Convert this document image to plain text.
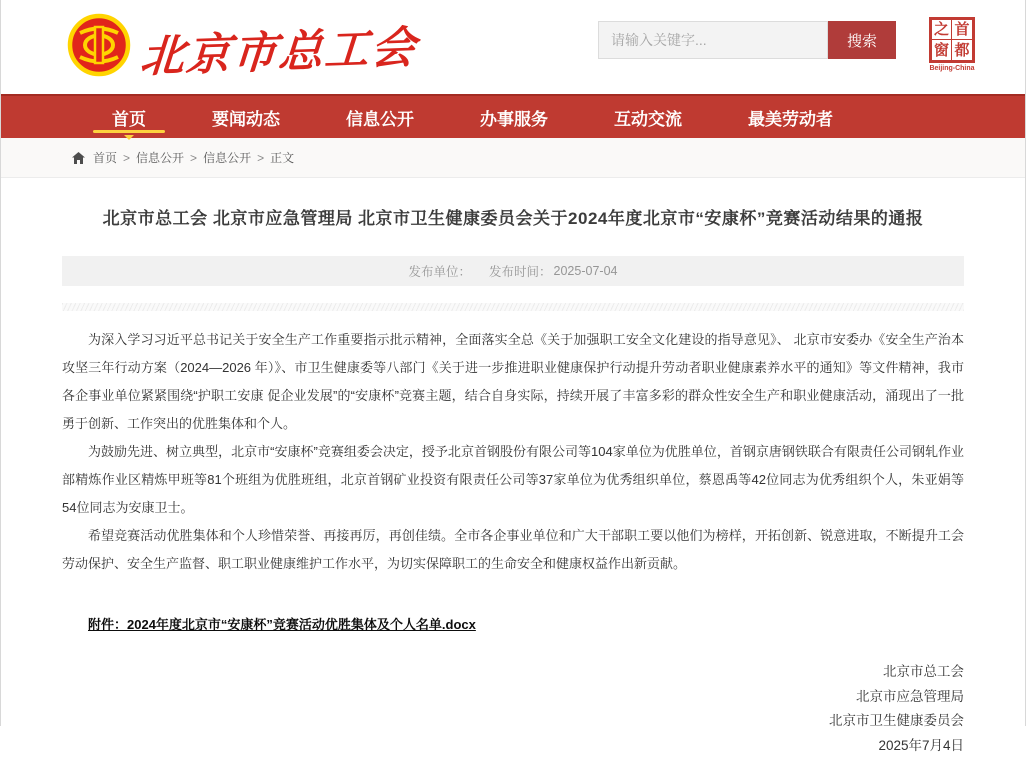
北京市总工会
请输入关键字...	搜索
之 首
窗 都
Beijing-China
首页	要闻动态	信息公开	办事服务	互动交流	最美劳动者
首页 > 信息公开 > 信息公开 > 正文
北京市总工会 北京市应急管理局 北京市卫生健康委员会关于2024年度北京市“安康杯”竞赛活动结果的通报
发布单位： 发布时间： 2025-07-04

为深入学习习近平总书记关于安全生产工作重要指示批示精神，全面落实全总《关于加强职工安全文化建设的指导意见》、 北京市安委办《安全生产治本攻坚三年行动方案（2024—2026 年）》、市卫生健康委等八部门《关于进一步推进职业健康保护行动提升劳动者职业健康素养水平的通知》等文件精神，我市各企事业单位紧紧围绕“护职工安康 促企业发展”的“安康杯”竞赛主题，结合自身实际，持续开展了丰富多彩的群众性安全生产和职业健康活动，涌现出了一批勇于创新、工作突出的优胜集体和个人。

为鼓励先进、树立典型，北京市“安康杯”竞赛组委会决定，授予北京首钢股份有限公司等104家单位为优胜单位，首钢京唐钢铁联合有限责任公司钢轧作业部精炼作业区精炼甲班等81个班组为优胜班组，北京首钢矿业投资有限责任公司等37家单位为优秀组织单位，蔡恩禹等42位同志为优秀组织个人，朱亚娟等54位同志为安康卫士。

希望竞赛活动优胜集体和个人珍惜荣誉、再接再厉，再创佳绩。全市各企事业单位和广大干部职工要以他们为榜样，开拓创新、锐意进取，不断提升工会劳动保护、安全生产监督、职工职业健康维护工作水平，为切实保障职工的生命安全和健康权益作出新贡献。

附件：2024年度北京市“安康杯”竞赛活动优胜集体及个人名单.docx
北京市总工会
北京市应急管理局
北京市卫生健康委员会
2025年7月4日
